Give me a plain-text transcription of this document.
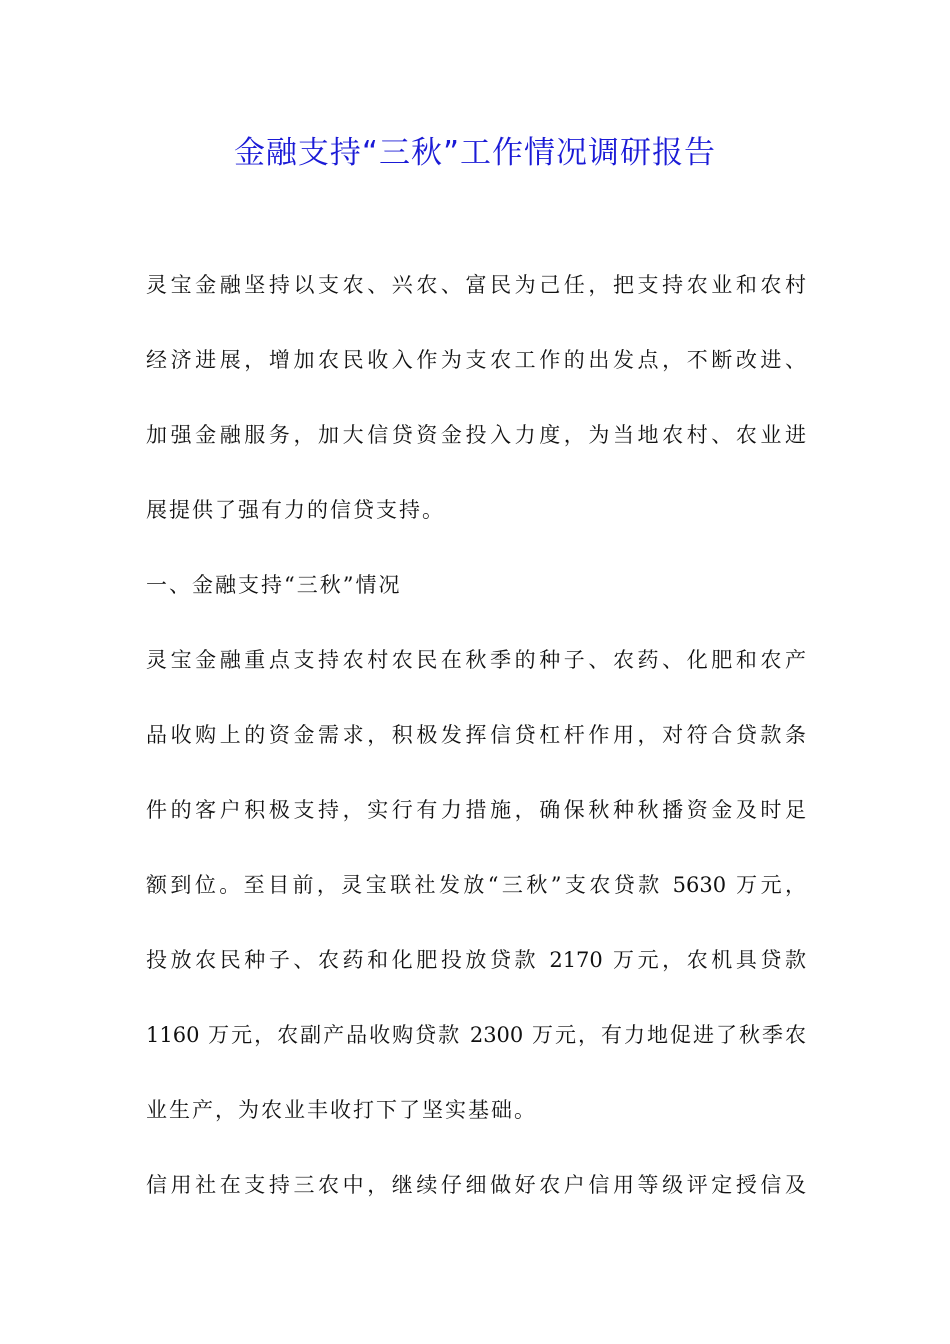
金融支持“三秋”工作情况调研报告
灵宝金融坚持以支农、兴农、富民为己任，把支持农业和农村
经济进展，增加农民收入作为支农工作的出发点，不断改进、
加强金融服务，加大信贷资金投入力度，为当地农村、农业进
展提供了强有力的信贷支持。
一、金融支持“三秋”情况
灵宝金融重点支持农村农民在秋季的种子、农药、化肥和农产
品收购上的资金需求，积极发挥信贷杠杆作用，对符合贷款条
件的客户积极支持，实行有力措施，确保秋种秋播资金及时足
额到位。至目前，灵宝联社发放“三秋”支农贷款 5630 万元，
投放农民种子、农药和化肥投放贷款 2170 万元，农机具贷款
1160 万元，农副产品收购贷款 2300 万元，有力地促进了秋季农
业生产，为农业丰收打下了坚实基础。
信用社在支持三农中，继续仔细做好农户信用等级评定授信及
